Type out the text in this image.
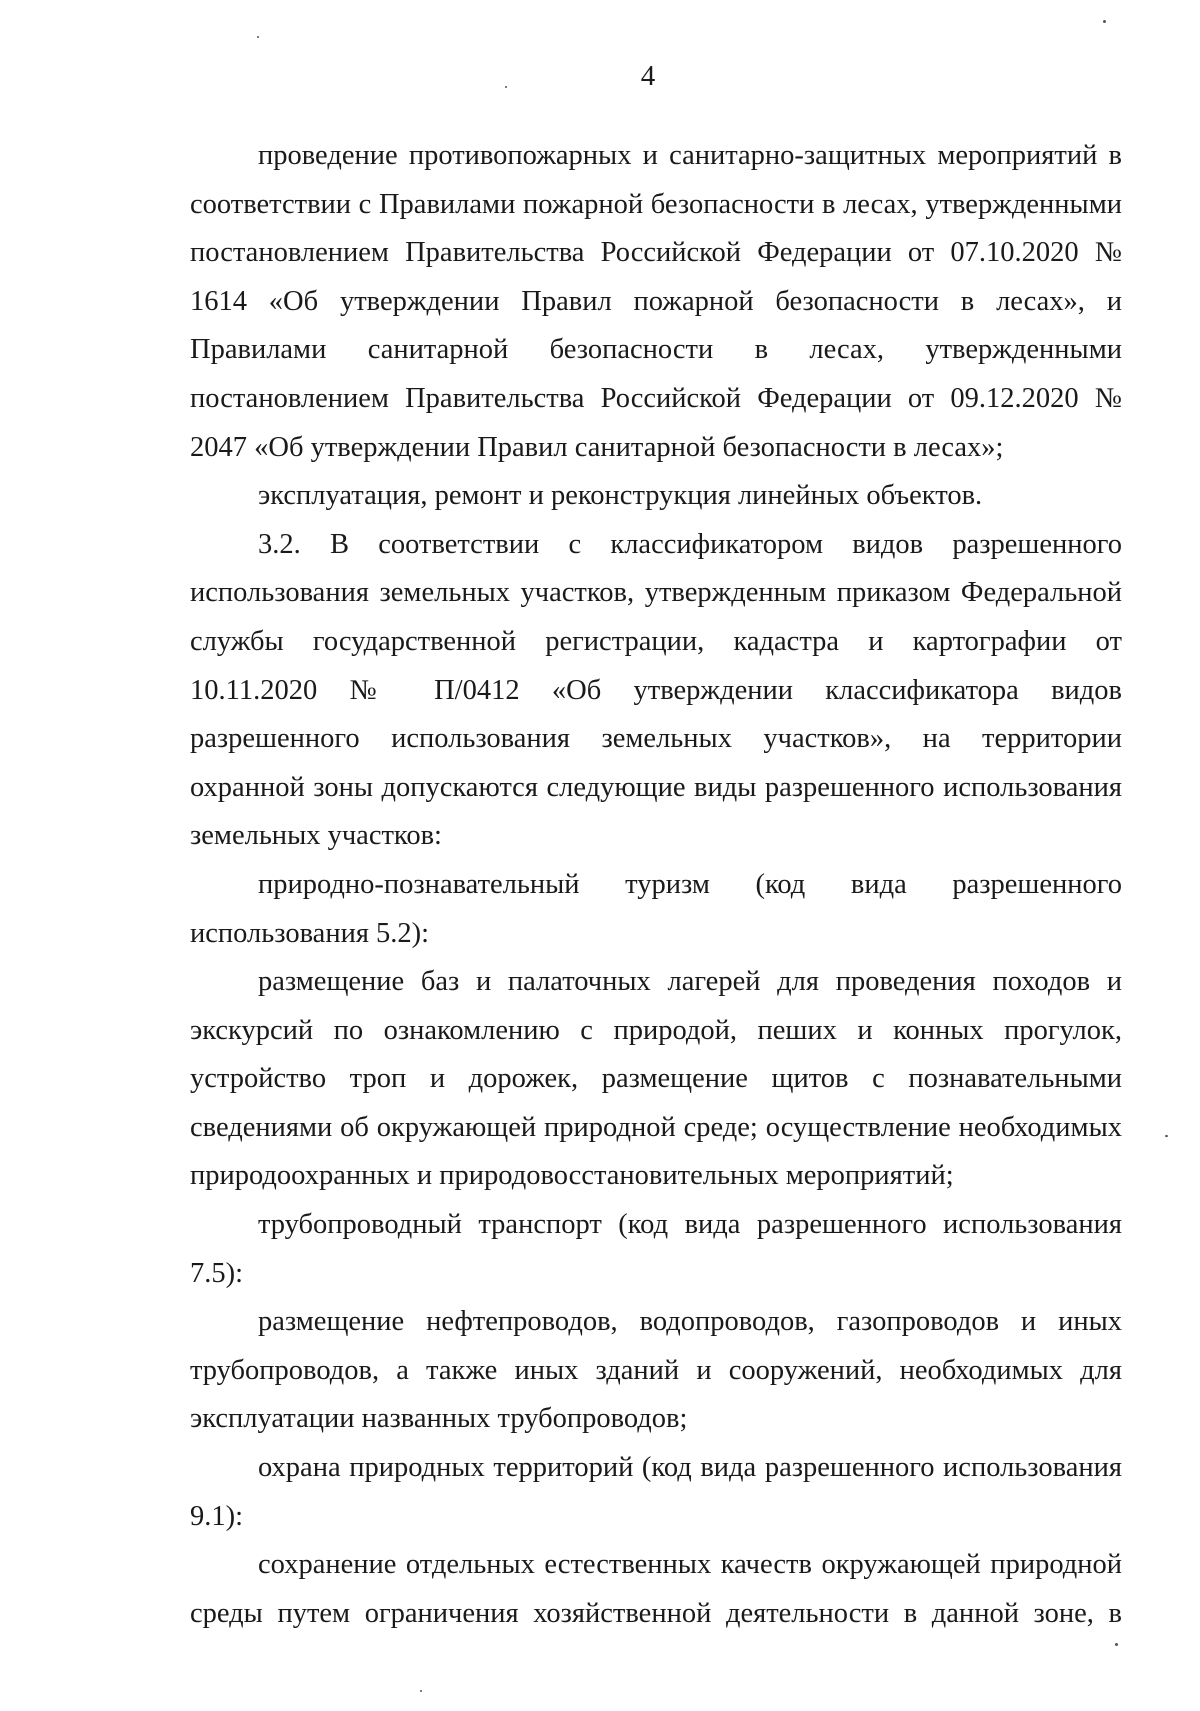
4

проведение противопожарных и санитарно-защитных мероприятий в соответствии с Правилами пожарной безопасности в лесах, утвержденными постановлением Правительства Российской Федерации от 07.10.2020 № 1614 «Об утверждении Правил пожарной безопасности в лесах», и Правилами санитарной безопасности в лесах, утвержденными постановлением Правительства Российской Федерации от 09.12.2020 № 2047 «Об утверждении Правил санитарной безопасности в лесах»;

эксплуатация, ремонт и реконструкция линейных объектов.

3.2. В соответствии с классификатором видов разрешенного использования земельных участков, утвержденным приказом Федеральной службы государственной регистрации, кадастра и картографии от 10.11.2020 № П/0412 «Об утверждении классификатора видов разрешенного использования земельных участков», на территории охранной зоны допускаются следующие виды разрешенного использования земельных участков:

природно-познавательный туризм (код вида разрешенного использования 5.2):

размещение баз и палаточных лагерей для проведения походов и экскурсий по ознакомлению с природой, пеших и конных прогулок, устройство троп и дорожек, размещение щитов с познавательными сведениями об окружающей природной среде; осуществление необходимых природоохранных и природовосстановительных мероприятий;

трубопроводный транспорт (код вида разрешенного использования 7.5):

размещение нефтепроводов, водопроводов, газопроводов и иных трубопроводов, а также иных зданий и сооружений, необходимых для эксплуатации названных трубопроводов;

охрана природных территорий (код вида разрешенного использования 9.1):

сохранение отдельных естественных качеств окружающей природной среды путем ограничения хозяйственной деятельности в данной зоне, в
